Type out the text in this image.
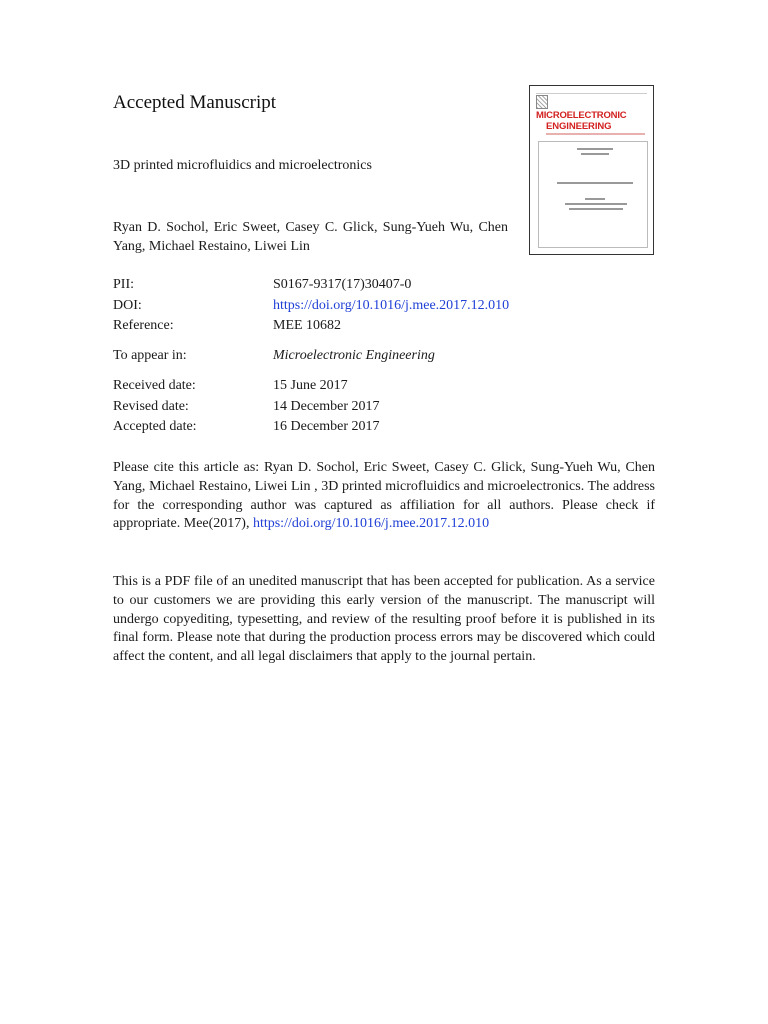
Accepted Manuscript
MICROELECTRONIC
ENGINEERING
3D printed microfluidics and microelectronics
Ryan D. Sochol, Eric Sweet, Casey C. Glick, Sung-Yueh Wu, Chen Yang, Michael Restaino, Liwei Lin
PII:	S0167-9317(17)30407-0
DOI:	https://doi.org/10.1016/j.mee.2017.12.010
Reference:	MEE 10682
To appear in:	Microelectronic Engineering
Received date:	15 June 2017
Revised date:	14 December 2017
Accepted date:	16 December 2017
Please cite this article as: Ryan D. Sochol, Eric Sweet, Casey C. Glick, Sung-Yueh Wu, Chen Yang, Michael Restaino, Liwei Lin , 3D printed microfluidics and microelectronics. The address for the corresponding author was captured as affiliation for all authors. Please check if appropriate. Mee(2017), https://doi.org/10.1016/j.mee.2017.12.010
This is a PDF file of an unedited manuscript that has been accepted for publication. As a service to our customers we are providing this early version of the manuscript. The manuscript will undergo copyediting, typesetting, and review of the resulting proof before it is published in its final form. Please note that during the production process errors may be discovered which could affect the content, and all legal disclaimers that apply to the journal pertain.
